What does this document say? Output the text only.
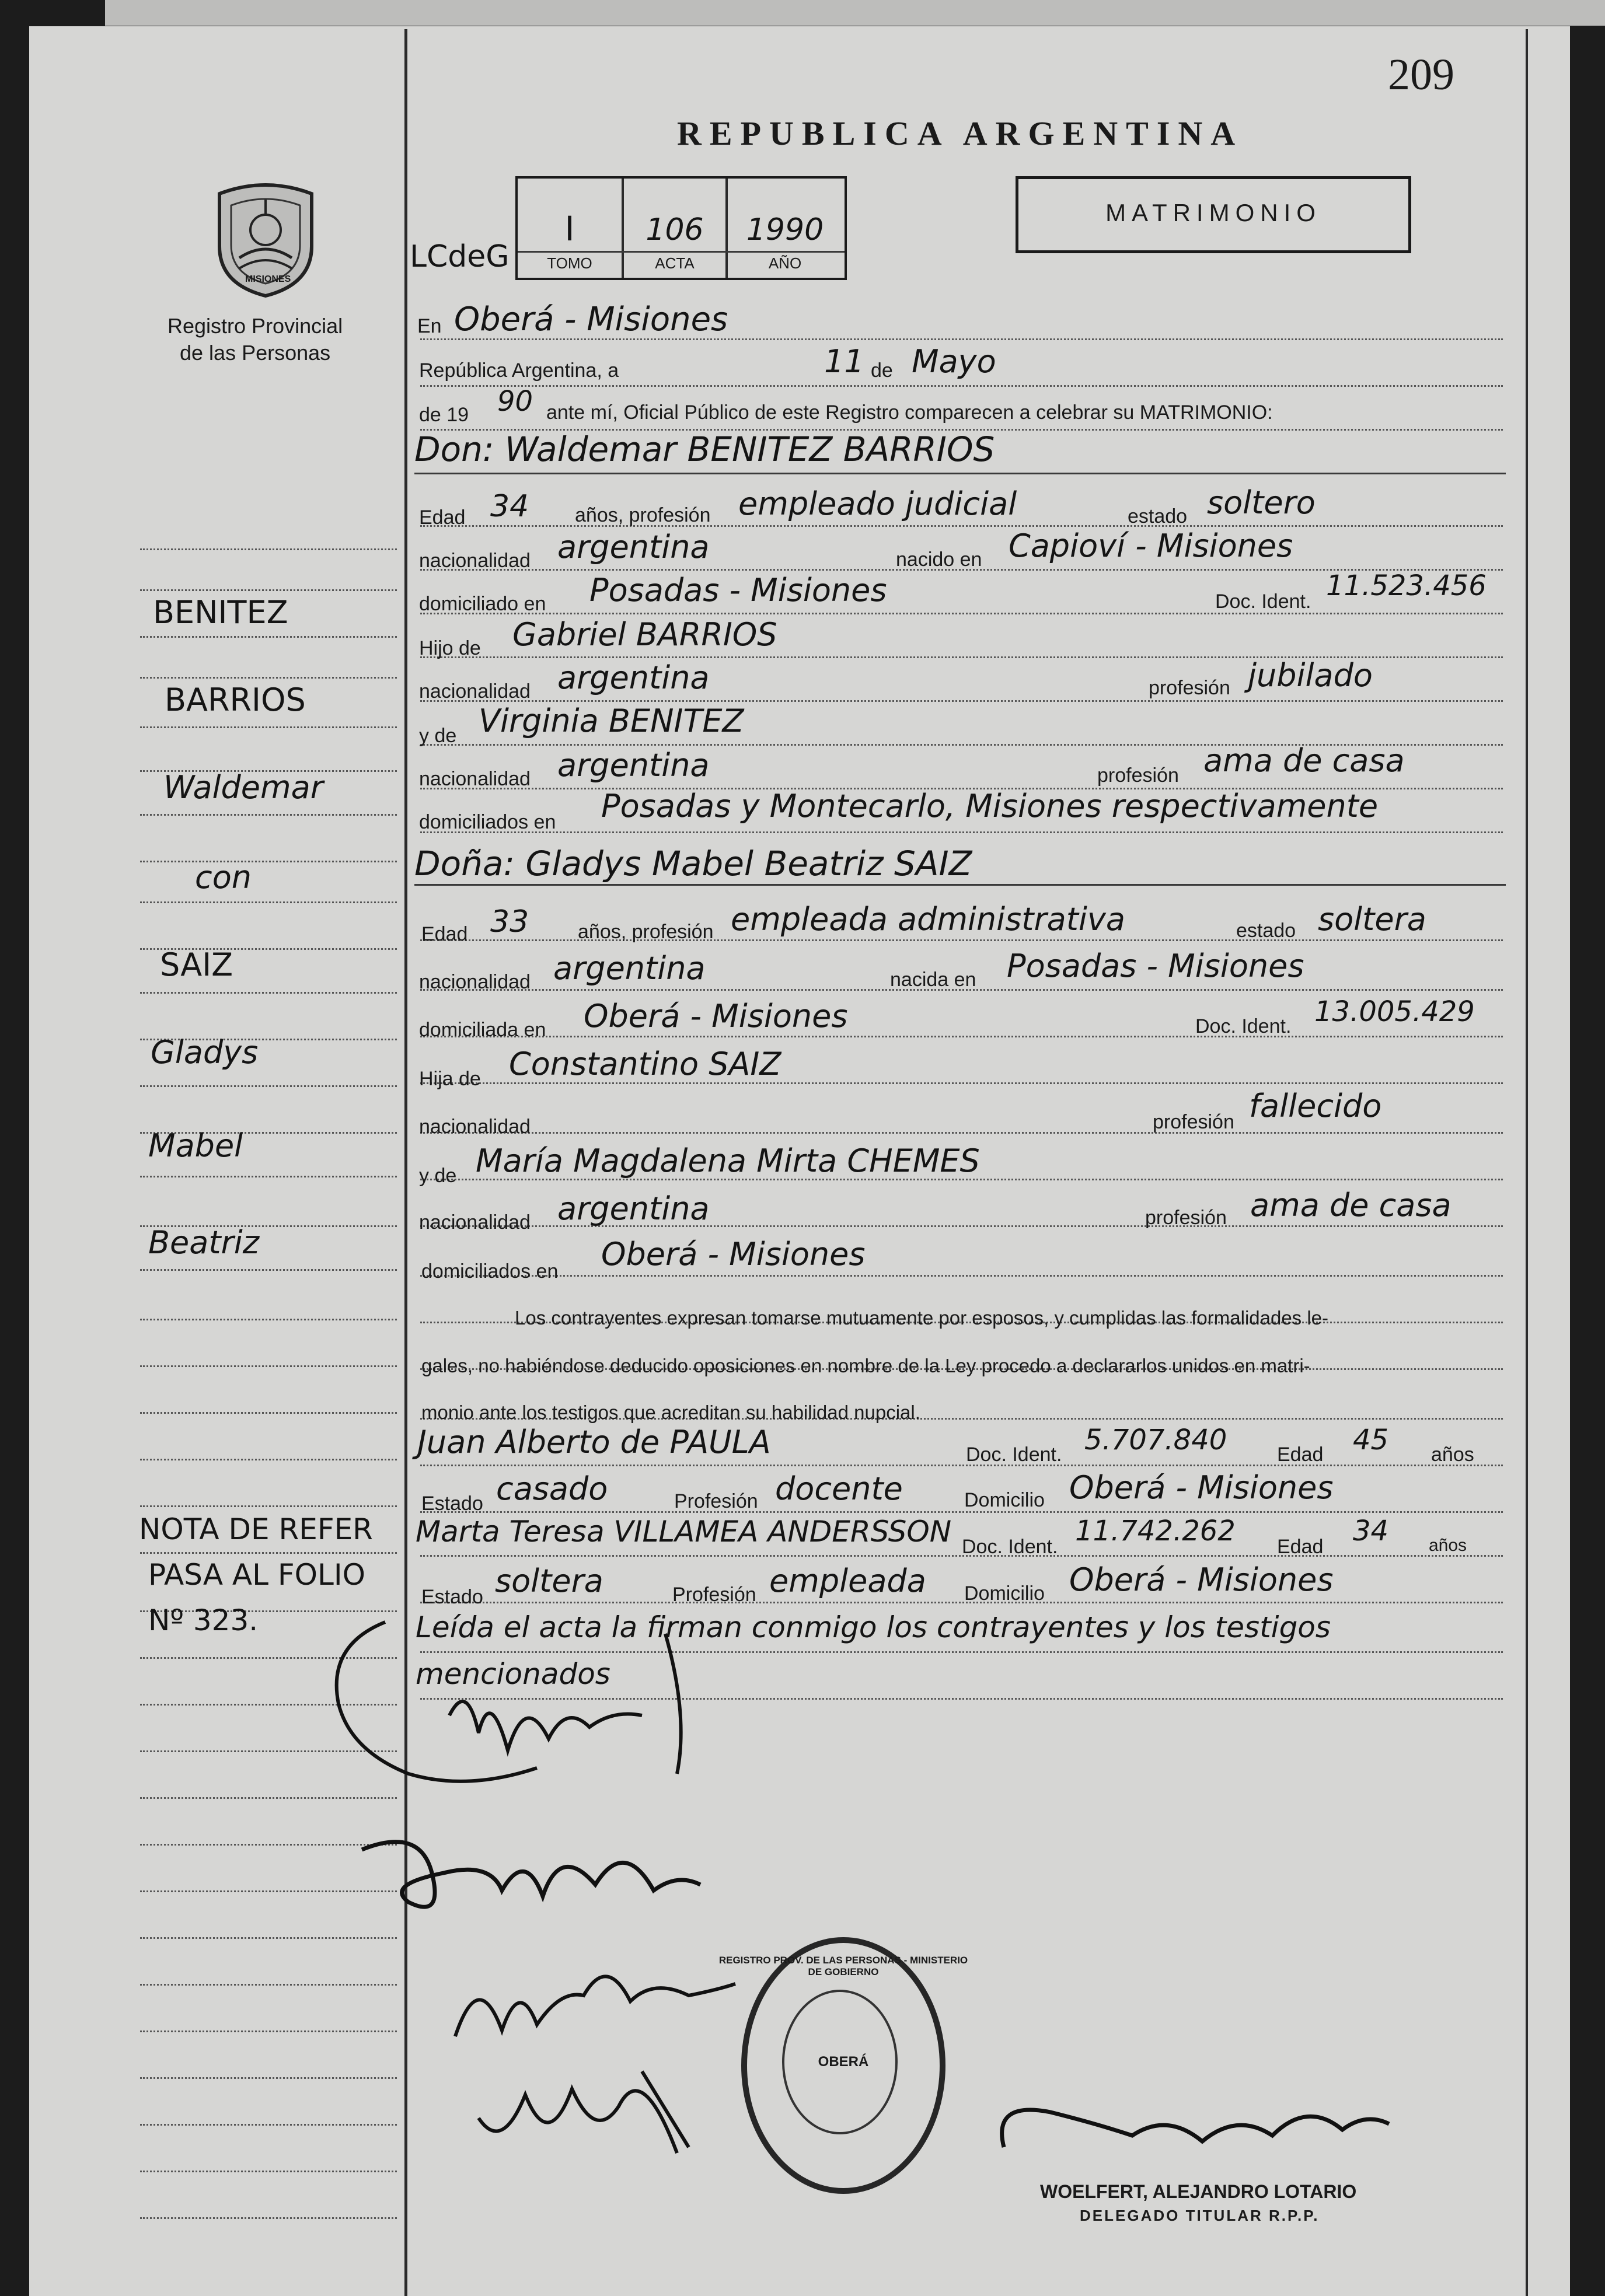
209
REPUBLICA ARGENTINA
MATRIMONIO
MISIONES
Registro Provincial
de las Personas
LCdeG
I
TOMO
106
ACTA
1990
AÑO
BENITEZ
BARRIOS
Waldemar
con
SAIZ
Gladys
Mabel
Beatriz
NOTA DE REFER
PASA AL FOLIO
Nº 323.
En Oberá - Misiones
República Argentina, a	11 de Mayo
de 19 90 ante mí, Oficial Público de este Registro comparecen a celebrar su MATRIMONIO:
Don: Waldemar BENITEZ BARRIOS
Edad 34 años, profesión empleado judicial	estado soltero
nacionalidad argentina	nacido en Capioví - Misiones
domiciliado en Posadas - Misiones	Doc. Ident. 11.523.456
Hijo de Gabriel BARRIOS
nacionalidad argentina	profesión jubilado
y de Virginia BENITEZ
nacionalidad argentina	profesión ama de casa
domiciliados en Posadas y Montecarlo, Misiones respectivamente
Doña: Gladys Mabel Beatriz SAIZ
Edad 33 años, profesión empleada administrativa	estado soltera
nacionalidad argentina	nacida en Posadas - Misiones
domiciliada en Oberá - Misiones	Doc. Ident. 13.005.429
Hija de Constantino SAIZ
nacionalidad	profesión fallecido
y de María Magdalena Mirta CHEMES
nacionalidad argentina	profesión ama de casa
domiciliados en Oberá - Misiones
Los contrayentes expresan tomarse mutuamente por esposos, y cumplidas las formalidades le-
gales, no habiéndose deducido oposiciones en nombre de la Ley procedo a declararlos unidos en matri-
monio ante los testigos que acreditan su habilidad nupcial.
Juan Alberto de PAULA	Doc. Ident. 5.707.840	Edad 45 años
Estado casado	Profesión docente	Domicilio Oberá - Misiones
Marta Teresa VILLAMEA ANDERSSON Doc. Ident. 11.742.262 Edad 34 años
Estado soltera	Profesión empleada Domicilio Oberá - Misiones
Leída el acta la firman conmigo los contrayentes y los testigos
mencionados
REGISTRO PROV. DE LAS PERSONAS - MINISTERIO DE GOBIERNO
OBERÁ
WOELFERT, ALEJANDRO LOTARIO
DELEGADO TITULAR R.P.P.
